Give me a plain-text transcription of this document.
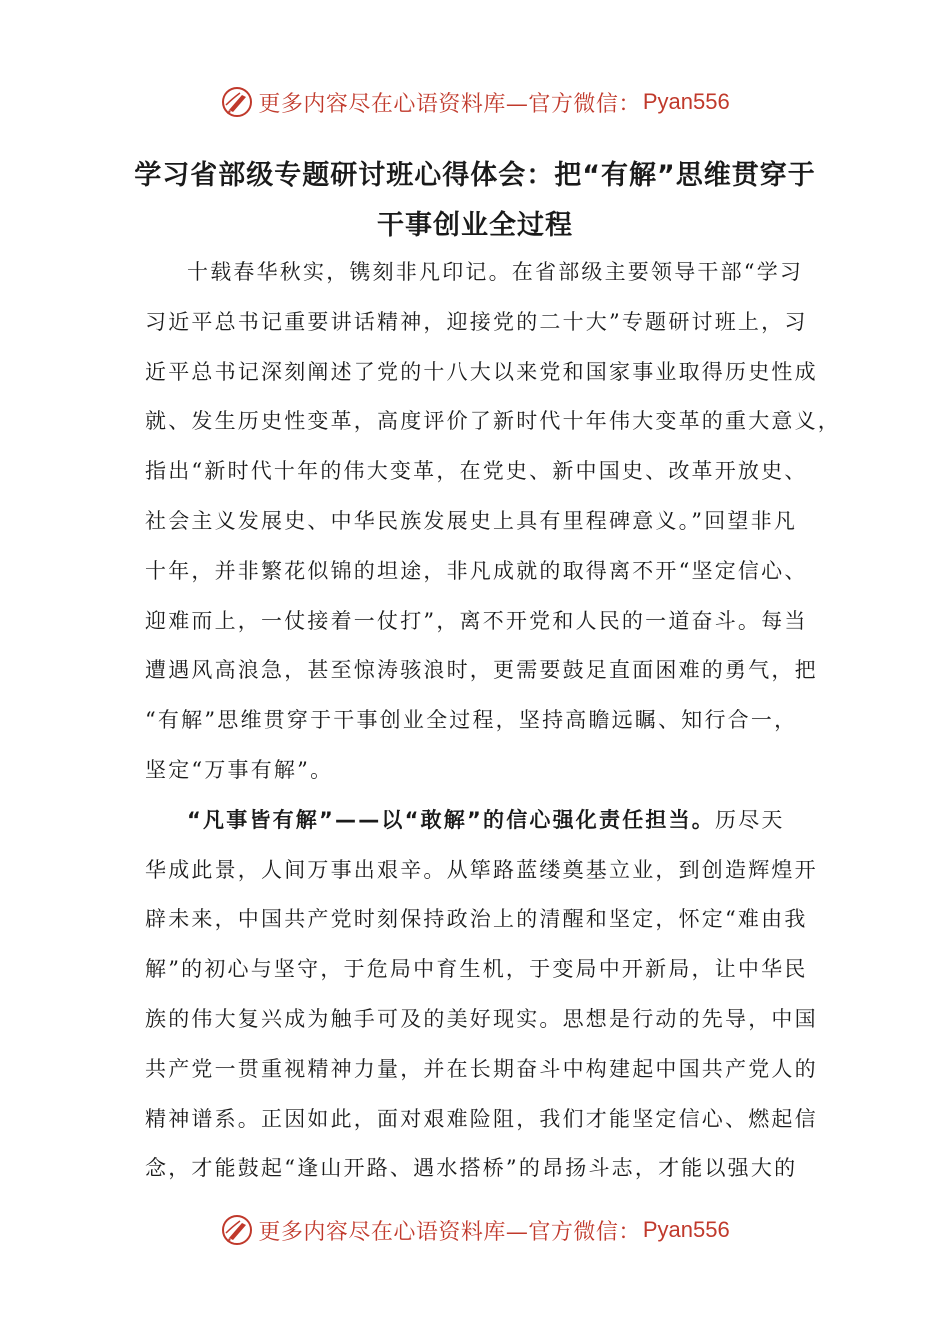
更多内容尽在心语资料库—官方微信： Pyan556
学习省部级专题研讨班心得体会：把“有解”思维贯穿于
干事创业全过程
十载春华秋实，镌刻非凡印记。在省部级主要领导干部“学习
习近平总书记重要讲话精神，迎接党的二十大”专题研讨班上，习
近平总书记深刻阐述了党的十八大以来党和国家事业取得历史性成
就、发生历史性变革，高度评价了新时代十年伟大变革的重大意义，
指出“新时代十年的伟大变革，在党史、新中国史、改革开放史、
社会主义发展史、中华民族发展史上具有里程碑意义。”回望非凡
十年，并非繁花似锦的坦途，非凡成就的取得离不开“坚定信心、
迎难而上，一仗接着一仗打”，离不开党和人民的一道奋斗。每当
遭遇风高浪急，甚至惊涛骇浪时，更需要鼓足直面困难的勇气，把
“有解”思维贯穿于干事创业全过程，坚持高瞻远瞩、知行合一，
坚定“万事有解”。
“凡事皆有解”——以“敢解”的信心强化责任担当。历尽天
华成此景，人间万事出艰辛。从筚路蓝缕奠基立业，到创造辉煌开
辟未来，中国共产党时刻保持政治上的清醒和坚定，怀定“难由我
解”的初心与坚守，于危局中育生机，于变局中开新局，让中华民
族的伟大复兴成为触手可及的美好现实。思想是行动的先导，中国
共产党一贯重视精神力量，并在长期奋斗中构建起中国共产党人的
精神谱系。正因如此，面对艰难险阻，我们才能坚定信心、燃起信
念，才能鼓起“逢山开路、遇水搭桥”的昂扬斗志，才能以强大的
更多内容尽在心语资料库—官方微信： Pyan556
